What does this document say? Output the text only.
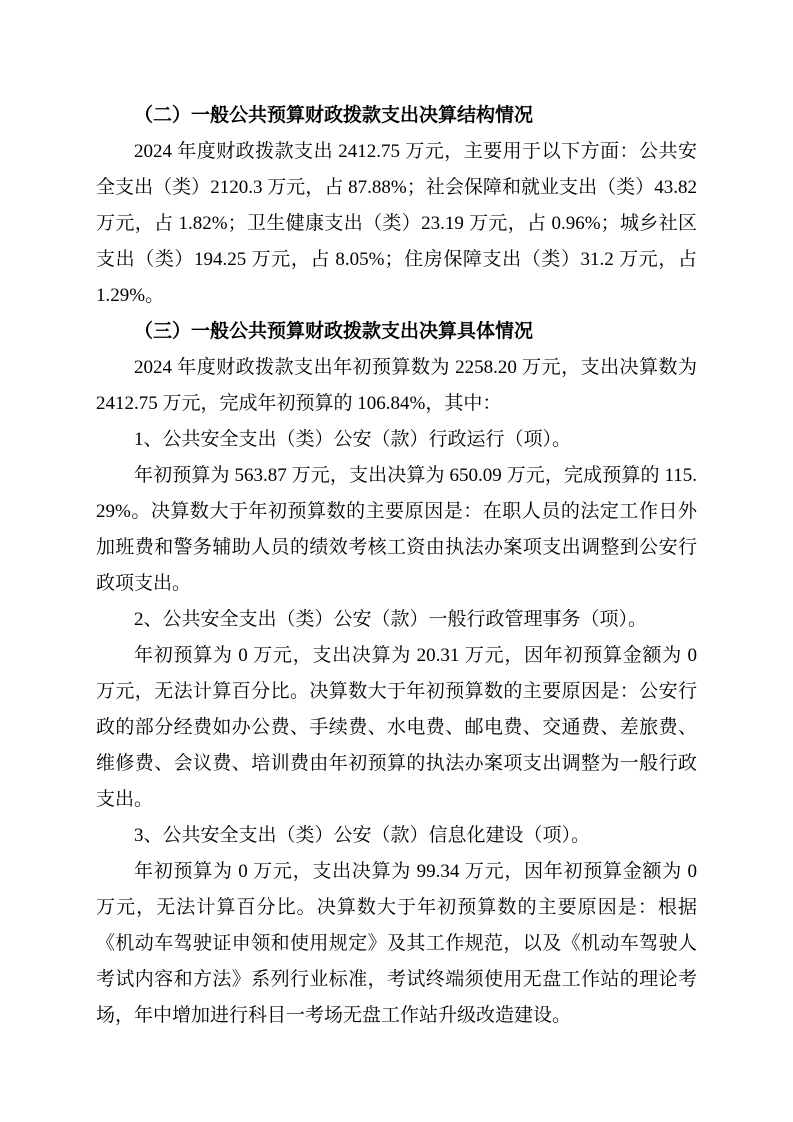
（二）一般公共预算财政拨款支出决算结构情况

2024 年度财政拨款支出 2412.75 万元，主要用于以下方面：公共安全支出（类）2120.3 万元，占 87.88%；社会保障和就业支出（类）43.82 万元，占 1.82%；卫生健康支出（类）23.19 万元，占 0.96%；城乡社区支出（类）194.25 万元，占 8.05%；住房保障支出（类）31.2 万元，占 1.29%。

（三）一般公共预算财政拨款支出决算具体情况

2024 年度财政拨款支出年初预算数为 2258.20 万元，支出决算数为 2412.75 万元，完成年初预算的 106.84%，其中：

1、公共安全支出（类）公安（款）行政运行（项）。

年初预算为 563.87 万元，支出决算为 650.09 万元，完成预算的 115.29%。决算数大于年初预算数的主要原因是：在职人员的法定工作日外加班费和警务辅助人员的绩效考核工资由执法办案项支出调整到公安行政项支出。

2、公共安全支出（类）公安（款）一般行政管理事务（项）。

年初预算为 0 万元，支出决算为 20.31 万元，因年初预算金额为 0 万元，无法计算百分比。决算数大于年初预算数的主要原因是：公安行政的部分经费如办公费、手续费、水电费、邮电费、交通费、差旅费、维修费、会议费、培训费由年初预算的执法办案项支出调整为一般行政支出。

3、公共安全支出（类）公安（款）信息化建设（项）。

年初预算为 0 万元，支出决算为 99.34 万元，因年初预算金额为 0 万元，无法计算百分比。决算数大于年初预算数的主要原因是：根据《机动车驾驶证申领和使用规定》及其工作规范，以及《机动车驾驶人考试内容和方法》系列行业标准，考试终端须使用无盘工作站的理论考场，年中增加进行科目一考场无盘工作站升级改造建设。
